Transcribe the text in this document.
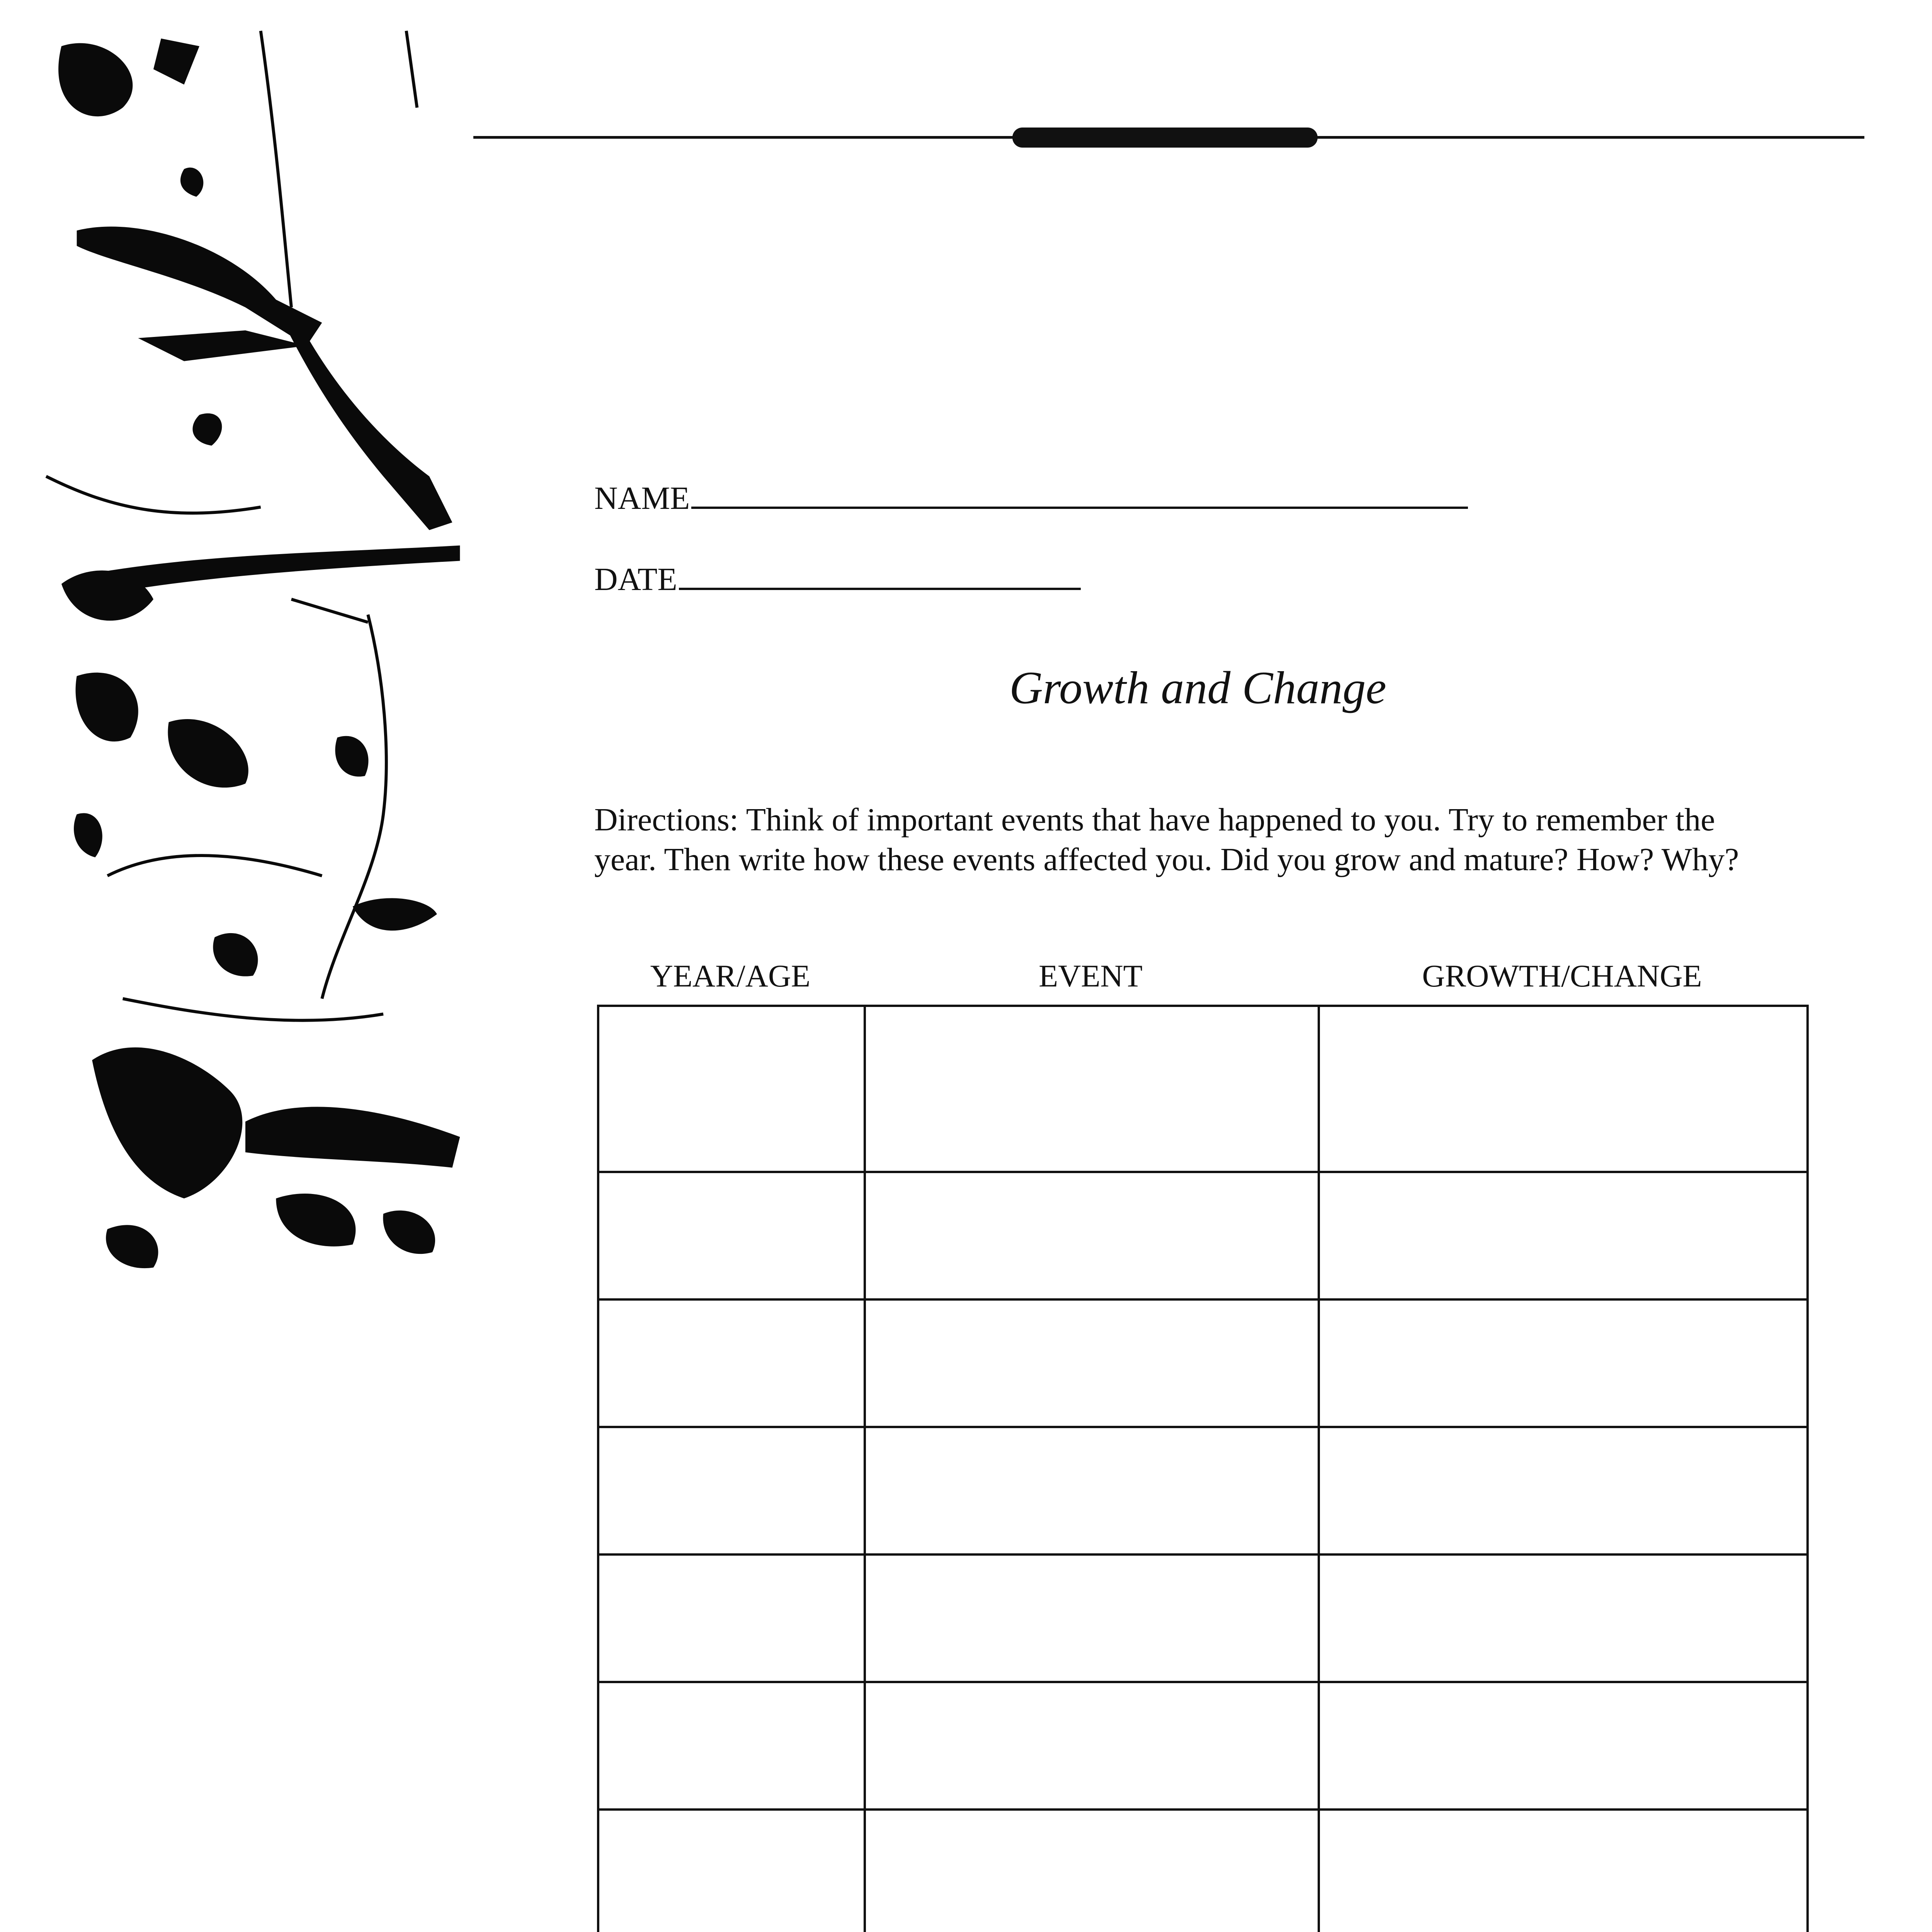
NAME
DATE
Growth and Change
Directions: Think of important events that have happened to you. Try to remember the year. Then write how these events affected you. Did you grow and mature? How? Why?
YEAR/AGE	EVENT	GROWTH/CHANGE
